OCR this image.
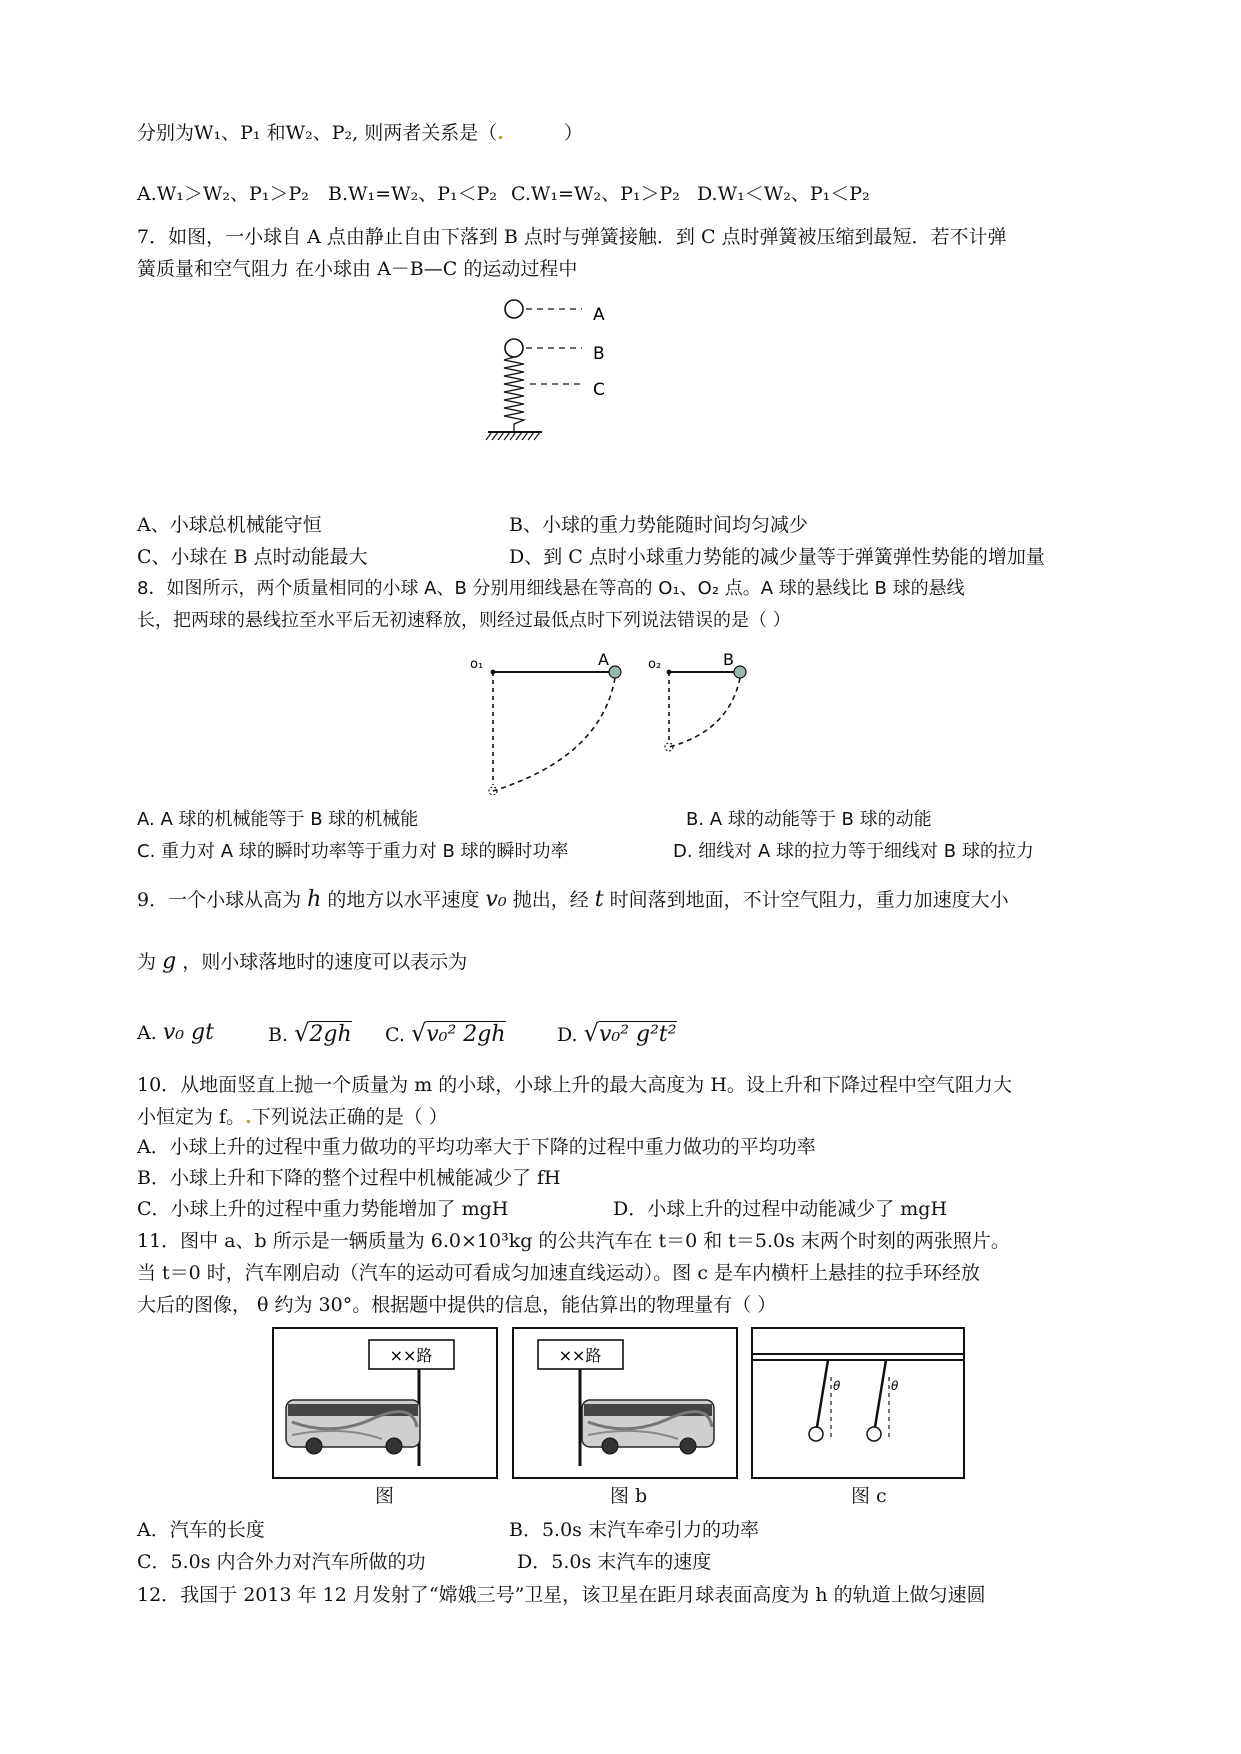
分别为W₁、P₁ 和W₂、P₂, 则两者关系是（.	）
A.W₁＞W₂、P₁＞P₂ B.W₁=W₂、P₁＜P₂ C.W₁=W₂、P₁＞P₂ D.W₁＜W₂、P₁＜P₂
7．如图，一小球自 A 点由静止自由下落到 B 点时与弹簧接触．到 C 点时弹簧被压缩到最短．若不计弹
簧质量和空气阻力 在小球由 A－B—C 的运动过程中
A
B
C
A、小球总机械能守恒	B、小球的重力势能随时间均匀减少
C、小球在 B 点时动能最大	D、到 C 点时小球重力势能的减少量等于弹簧弹性势能的增加量
8．如图所示，两个质量相同的小球 A、B 分别用细线悬在等高的 O₁、O₂ 点。A 球的悬线比 B 球的悬线
长，把两球的悬线拉至水平后无初速释放，则经过最低点时下列说法错误的是（ ）
o₁	A	o₂	B
A. A 球的机械能等于 B 球的机械能	B. A 球的动能等于 B 球的动能
C. 重力对 A 球的瞬时功率等于重力对 B 球的瞬时功率	D. 细线对 A 球的拉力等于细线对 B 球的拉力
9．一个小球从高为 h 的地方以水平速度 v₀ 抛出，经 t 时间落到地面，不计空气阻力，重力加速度大小
为 g ，则小球落地时的速度可以表示为
A. v₀ gt	B. √2gh C. √v₀² 2gh	D. √v₀² g²t²
10．从地面竖直上抛一个质量为 m 的小球，小球上升的最大高度为 H。设上升和下降过程中空气阻力大
小恒定为 f。.下列说法正确的是（ ）
A．小球上升的过程中重力做功的平均功率大于下降的过程中重力做功的平均功率
B．小球上升和下降的整个过程中机械能减少了 fH
C．小球上升的过程中重力势能增加了 mgH	D．小球上升的过程中动能减少了 mgH
11．图中 a、b 所示是一辆质量为 6.0×10³kg 的公共汽车在 t＝0 和 t＝5.0s 末两个时刻的两张照片。
当 t＝0 时，汽车刚启动（汽车的运动可看成匀加速直线运动）。图 c 是车内横杆上悬挂的拉手环经放
大后的图像， θ 约为 30°。根据题中提供的信息，能估算出的物理量有（ ）
××路	××路
θ	θ
图	图 b	图 c
A．汽车的长度	B．5.0s 末汽车牵引力的功率
C．5.0s 内合外力对汽车所做的功	D．5.0s 末汽车的速度
12．我国于 2013 年 12 月发射了“嫦娥三号”卫星，该卫星在距月球表面高度为 h 的轨道上做匀速圆
